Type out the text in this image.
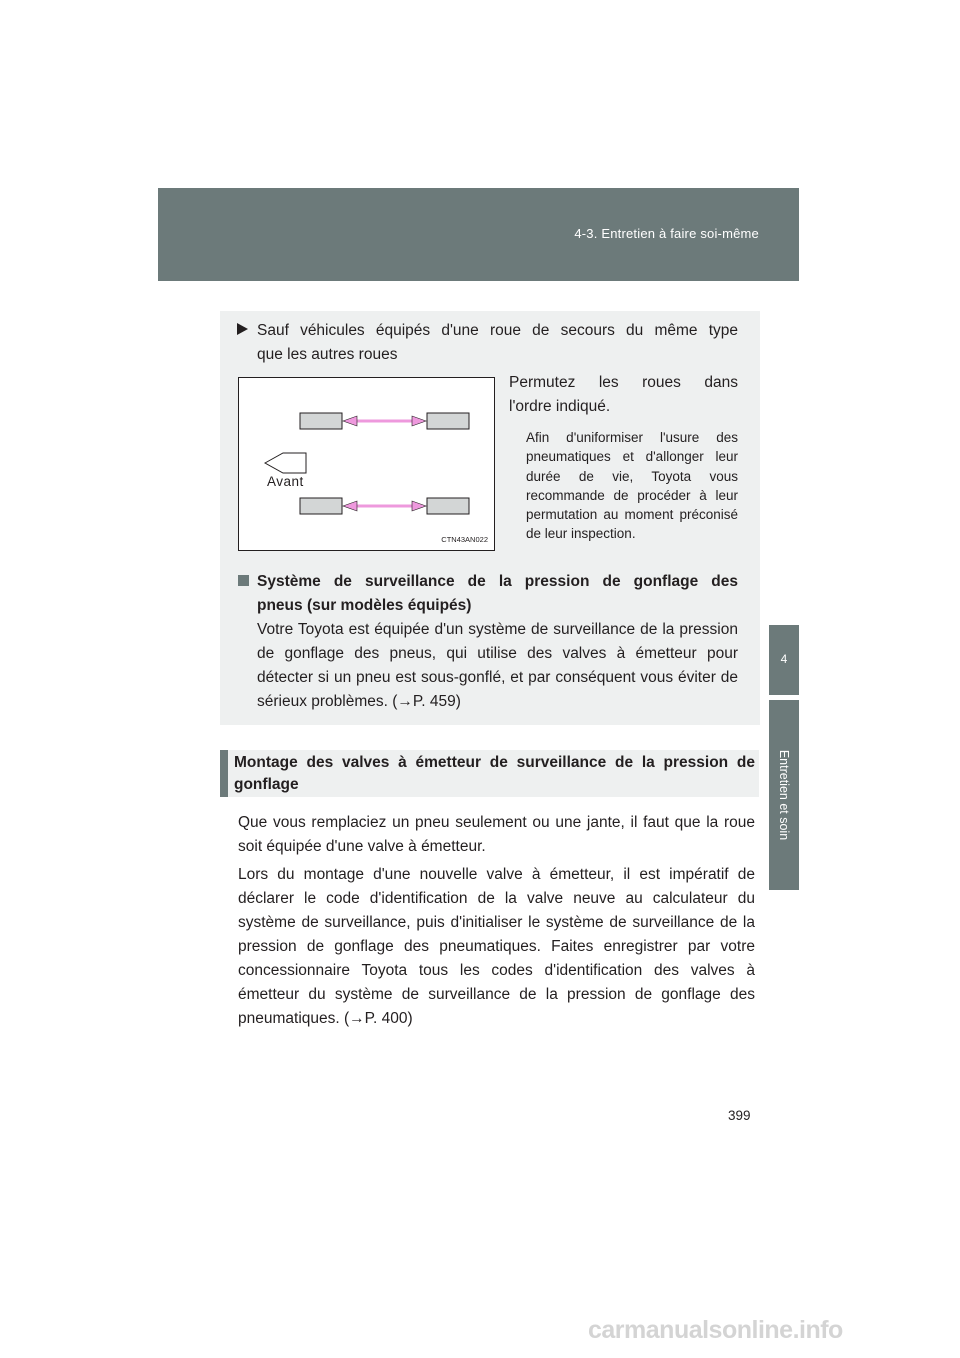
4-3. Entretien à faire soi-même
4
Entretien et soin
Sauf véhicules équipés d'une roue de secours du même type
que les autres roues
Avant
CTN43AN022
Permutez les roues dans
l'ordre indiqué.
Afin d'uniformiser l'usure des pneumatiques et d'allonger leur durée de vie, Toyota vous recommande de procéder à leur permutation au moment préconisé de leur inspection.
Système de surveillance de la pression de gonflage des
pneus (sur modèles équipés)
Votre Toyota est équipée d'un système de surveillance de la pression de gonflage des pneus, qui utilise des valves à émetteur pour détecter si un pneu est sous-gonflé, et par conséquent vous éviter de sérieux problèmes. (→P. 459)
Montage des valves à émetteur de surveillance de la pression de gonflage
Que vous remplaciez un pneu seulement ou une jante, il faut que la roue soit équipée d'une valve à émetteur.
Lors du montage d'une nouvelle valve à émetteur, il est impératif de déclarer le code d'identification de la valve neuve au calculateur du système de surveillance, puis d'initialiser le système de surveillance de la pression de gonflage des pneumatiques. Faites enregistrer par votre concessionnaire Toyota tous les codes d'identification des valves à émetteur du système de surveillance de la pression de gonflage des pneumatiques. (→P. 400)
399
carmanualsonline.info
